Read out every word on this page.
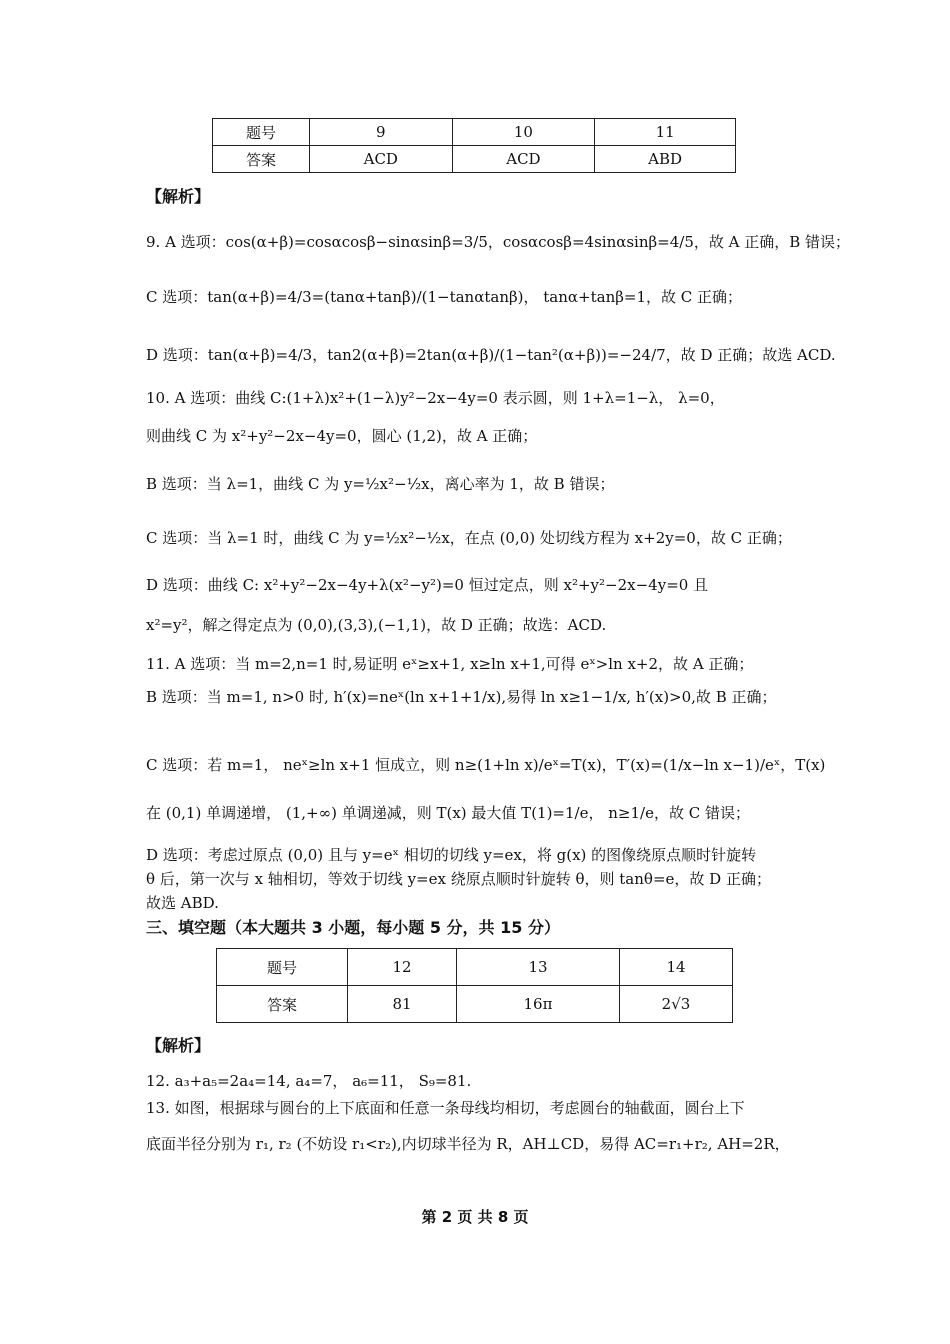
题号	9	10	11
答案	ACD	ACD	ABD
【解析】
9. A 选项：cos(α+β)=cosαcosβ−sinαsinβ=3/5，cosαcosβ=4sinαsinβ=4/5，故 A 正确，B 错误；
C 选项：tan(α+β)=4/3=(tanα+tanβ)/(1−tanαtanβ)， tanα+tanβ=1，故 C 正确；
D 选项：tan(α+β)=4/3，tan2(α+β)=2tan(α+β)/(1−tan²(α+β))=−24/7，故 D 正确；故选 ACD.
10. A 选项：曲线 C:(1+λ)x²+(1−λ)y²−2x−4y=0 表示圆，则 1+λ=1−λ， λ=0，
则曲线 C 为 x²+y²−2x−4y=0，圆心 (1,2)，故 A 正确；
B 选项：当 λ=1，曲线 C 为 y=½x²−½x，离心率为 1，故 B 错误；
C 选项：当 λ=1 时，曲线 C 为 y=½x²−½x，在点 (0,0) 处切线方程为 x+2y=0，故 C 正确；
D 选项：曲线 C: x²+y²−2x−4y+λ(x²−y²)=0 恒过定点，则 x²+y²−2x−4y=0 且
x²=y²，解之得定点为 (0,0),(3,3),(−1,1)，故 D 正确；故选：ACD.
11. A 选项：当 m=2,n=1 时,易证明 eˣ≥x+1, x≥ln x+1,可得 eˣ>ln x+2，故 A 正确；
B 选项：当 m=1, n>0 时, h′(x)=neˣ(ln x+1+1/x),易得 ln x≥1−1/x, h′(x)>0,故 B 正确；
C 选项：若 m=1， neˣ≥ln x+1 恒成立，则 n≥(1+ln x)/eˣ=T(x)，T′(x)=(1/x−ln x−1)/eˣ，T(x)
在 (0,1) 单调递增， (1,+∞) 单调递减，则 T(x) 最大值 T(1)=1/e， n≥1/e，故 C 错误；
D 选项：考虑过原点 (0,0) 且与 y=eˣ 相切的切线 y=ex，将 g(x) 的图像绕原点顺时针旋转
θ 后，第一次与 x 轴相切，等效于切线 y=ex 绕原点顺时针旋转 θ，则 tanθ=e，故 D 正确；
故选 ABD.
三、填空题（本大题共 3 小题，每小题 5 分，共 15 分）
题号	12	13	14
答案	81	16π	2√3
【解析】
12. a₃+a₅=2a₄=14, a₄=7， a₆=11， S₉=81.
13. 如图，根据球与圆台的上下底面和任意一条母线均相切，考虑圆台的轴截面，圆台上下
底面半径分别为 r₁, r₂ (不妨设 r₁<r₂),内切球半径为 R，AH⊥CD，易得 AC=r₁+r₂, AH=2R，
第 2 页 共 8 页
